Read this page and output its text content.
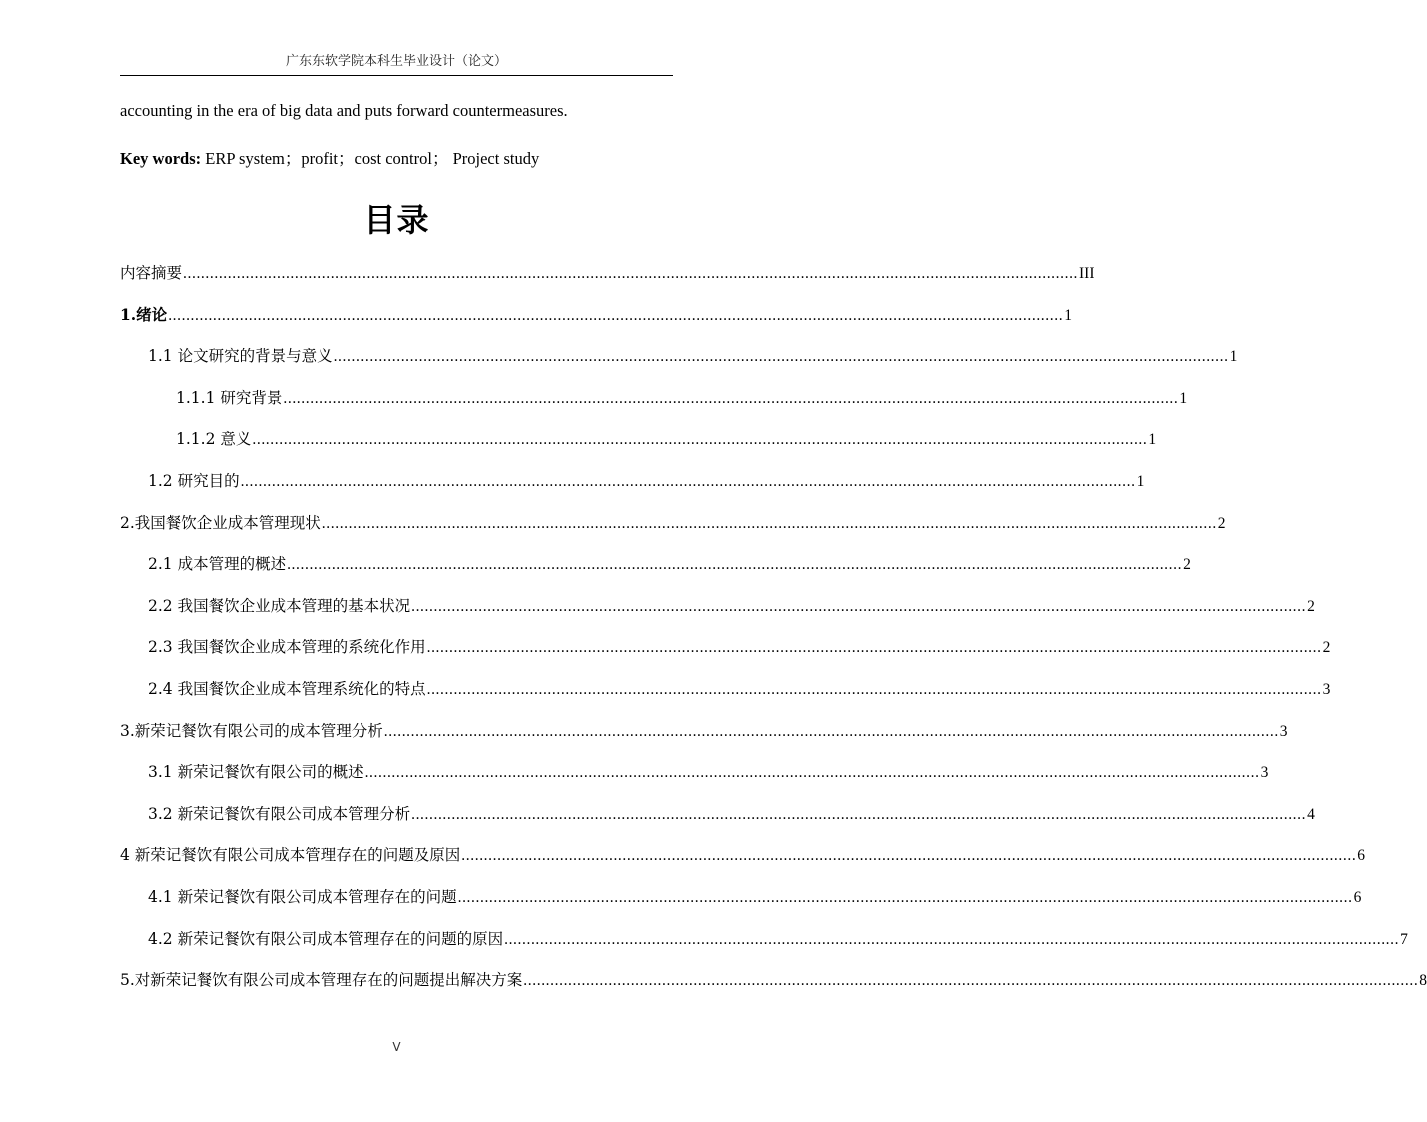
广东东软学院本科生毕业设计（论文）
accounting in the era of big data and puts forward countermeasures.
Key words: ERP system；profit；cost control； Project study
目录
内容摘要 ........................................................................................................................................................................................................ III
1.绪论 ........................................................................................................................................................................................................ 1
1.1 论文研究的背景与意义 ........................................................................................................................................................................................................ 1
1.1.1 研究背景 ........................................................................................................................................................................................................ 1
1.1.2 意义 ........................................................................................................................................................................................................ 1
1.2 研究目的 ........................................................................................................................................................................................................ 1
2.我国餐饮企业成本管理现状 ........................................................................................................................................................................................................ 2
2.1 成本管理的概述 ........................................................................................................................................................................................................ 2
2.2 我国餐饮企业成本管理的基本状况 ........................................................................................................................................................................................................ 2
2.3 我国餐饮企业成本管理的系统化作用 ........................................................................................................................................................................................................ 2
2.4 我国餐饮企业成本管理系统化的特点 ........................................................................................................................................................................................................ 3
3.新荣记餐饮有限公司的成本管理分析 ........................................................................................................................................................................................................ 3
3.1 新荣记餐饮有限公司的概述 ........................................................................................................................................................................................................ 3
3.2 新荣记餐饮有限公司成本管理分析 ........................................................................................................................................................................................................ 4
4 新荣记餐饮有限公司成本管理存在的问题及原因 ........................................................................................................................................................................................................ 6
4.1 新荣记餐饮有限公司成本管理存在的问题 ........................................................................................................................................................................................................ 6
4.2 新荣记餐饮有限公司成本管理存在的问题的原因 ........................................................................................................................................................................................................ 7
5.对新荣记餐饮有限公司成本管理存在的问题提出解决方案 ........................................................................................................................................................................................................ 8
V
